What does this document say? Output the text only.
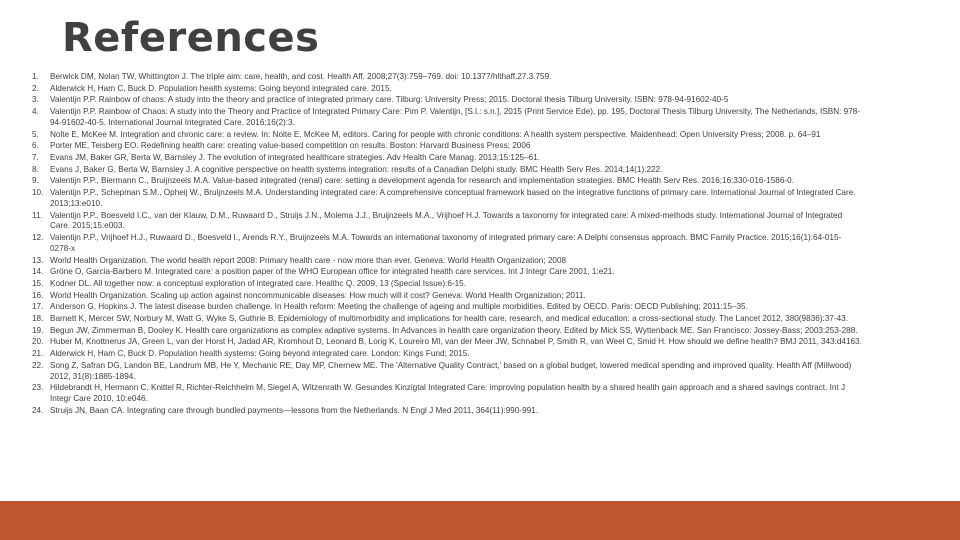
References
1.	Berwick DM, Nolan TW, Whittington J. The triple aim: care, health, and cost. Health Aff. 2008;27(3):759–769. doi: 10.1377/hlthaff.27.3.759.
2.	Alderwick H, Ham C, Buck D. Population health systems: Going beyond integrated care. 2015.
3.	Valentijn P.P. Rainbow of chaos: A study into the theory and practice of integrated primary care. Tilburg: University Press; 2015. Doctoral thesis Tilburg University. ISBN: 978-94-91602-40-5
4.	Valentijn P.P. Rainbow of Chaos: A study into the Theory and Practice of Integrated Primary Care: Pim P. Valentijn, [S.l.: s.n.], 2015 (Print Service Ede), pp. 195, Doctoral Thesis Tilburg University, The Netherlands, ISBN: 978-94-91602-40-5. International Journal Integrated Care. 2016;16(2):3.
5.	Nolte E, McKee M. Integration and chronic care: a review. In: Nolte E, McKee M, editors. Caring for people with chronic conditions: A health system perspective. Maidenhead: Open University Press; 2008. p. 64–91
6.	Porter ME, Teisberg EO. Redefining health care: creating value-based competition on results. Boston: Harvard Business Press; 2006
7.	Evans JM, Baker GR, Berta W, Barnsley J. The evolution of integrated healthcare strategies. Adv Health Care Manag. 2013;15:125–61.
8.	Evans J, Baker G, Berta W, Barnsley J. A cognitive perspective on health systems integration: results of a Canadian Delphi study. BMC Health Serv Res. 2014;14(1):222.
9.	Valentijn P.P., Biermann C., Bruijnzeels M.A. Value-based integrated (renal) care: setting a development agenda for research and implementation strategies. BMC Health Serv Res. 2016;16:330-016-1586-0.
10. Valentijn P.P., Schepman S.M., Opheij W., Bruijnzeels M.A. Understanding integrated care: A comprehensive conceptual framework based on the integrative functions of primary care. International Journal of Integrated Care. 2013;13:e010.
11. Valentijn P.P., Boesveld I.C., van der Klauw, D.M., Ruwaard D., Struijs J.N., Molema J.J., Bruijnzeels M.A., Vrijhoef H.J. Towards a taxonomy for integrated care: A mixed-methods study. International Journal of Integrated Care. 2015;15:e003.
12. Valentijn P.P., Vrijhoef H.J., Ruwaard D., Boesveld I., Arends R.Y., Bruijnzeels M.A. Towards an international taxonomy of integrated primary care: A Delphi consensus approach. BMC Family Practice. 2015;16(1):64-015-0278-x
13. World Health Organization. The world health report 2008: Primary health care - now more than ever. Geneva: World Health Organization; 2008
14. Gröne O, Garcia-Barbero M. Integrated care: a position paper of the WHO European office for integrated health care services. Int J Integr Care 2001, 1:e21.
15. Kodner DL. All together now: a conceptual exploration of integrated care. Healthc Q. 2009, 13 (Special Issue):6-15.
16. World Health Organization. Scaling up action against noncommunicable diseases: How much will it cost? Geneva: World Health Organization; 2011.
17. Anderson G, Hopkins J. The latest disease burden challenge. In Health reform: Meeting the challenge of ageing and multiple morbidities. Edited by OECD. Paris: OECD Publishing; 2011:15–35.
18. Barnett K, Mercer SW, Norbury M, Watt G, Wyke S, Guthrie B. Epidemiology of multimorbidity and implications for health care, research, and medical education: a cross-sectional study. The Lancet 2012, 380(9836):37-43.
19. Begun JW, Zimmerman B, Dooley K. Health care organizations as complex adaptive systems. In Advances in health care organization theory. Edited by Mick SS, Wyttenback ME. San Francisco: Jossey-Bass; 2003:253-288.
20. Huber M, Knottnerus JA, Green L, van der Horst H, Jadad AR, Kromhout D, Leonard B, Lorig K, Loureiro MI, van der Meer JW, Schnabel P, Smith R, van Weel C, Smid H. How should we define health? BMJ 2011, 343:d4163.
21. Alderwick H, Ham C, Buck D. Population health systems: Going beyond integrated care. London: Kings Fund; 2015.
22. Song Z, Safran DG, Landon BE, Landrum MB, He Y, Mechanic RE, Day MP, Chernew ME. The 'Alternative Quality Contract,' based on a global budget, lowered medical spending and improved quality. Health Aff (Millwood) 2012, 31(8):1885-1894.
23. Hildebrandt H, Hermann C, Knittel R, Richter-Reichhelm M, Siegel A, Witzenrath W. Gesundes Kinzigtal Integrated Care: improving population health by a shared health gain approach and a shared savings contract. Int J Integr Care 2010, 10:e046.
24. Struijs JN, Baan CA. Integrating care through bundled payments—lessons from the Netherlands. N Engl J Med 2011, 364(11):990-991.
